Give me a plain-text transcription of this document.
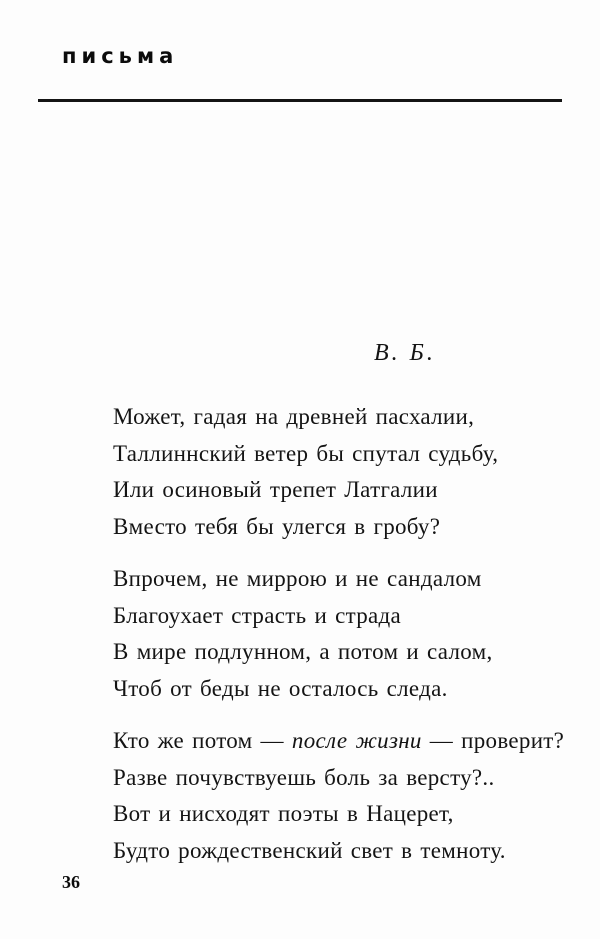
письма
В. Б.
Может, гадая на древней пасхалии,
Таллиннский ветер бы спутал судьбу,
Или осиновый трепет Латгалии
Вместо тебя бы улегся в гробу?
Впрочем, не миррою и не сандалом
Благоухает страсть и страда
В мире подлунном, а потом и салом,
Чтоб от беды не осталось следа.
Кто же потом — после жизни — проверит?
Разве почувствуешь боль за версту?..
Вот и нисходят поэты в Нацерет,
Будто рождественский свет в темноту.
36
